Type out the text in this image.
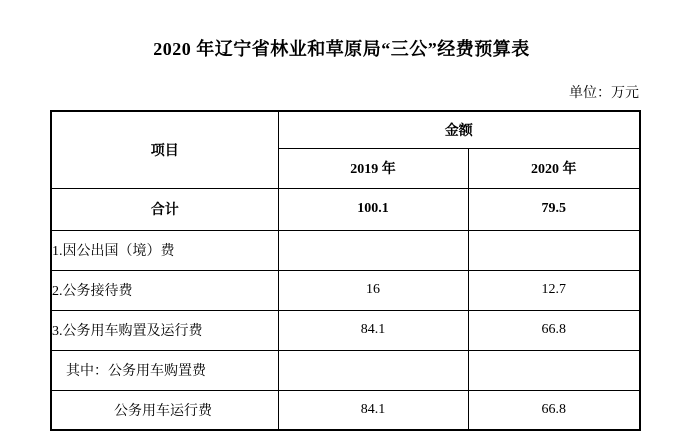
2020 年辽宁省林业和草原局“三公”经费预算表
单位：万元
项目	金额	
	2019 年	2020 年
合计	100.1	79.5
1.因公出国（境）费		
2.公务接待费	16	12.7
3.公务用车购置及运行费	84.1	66.8
其中：公务用车购置费		
公务用车运行费	84.1	66.8
